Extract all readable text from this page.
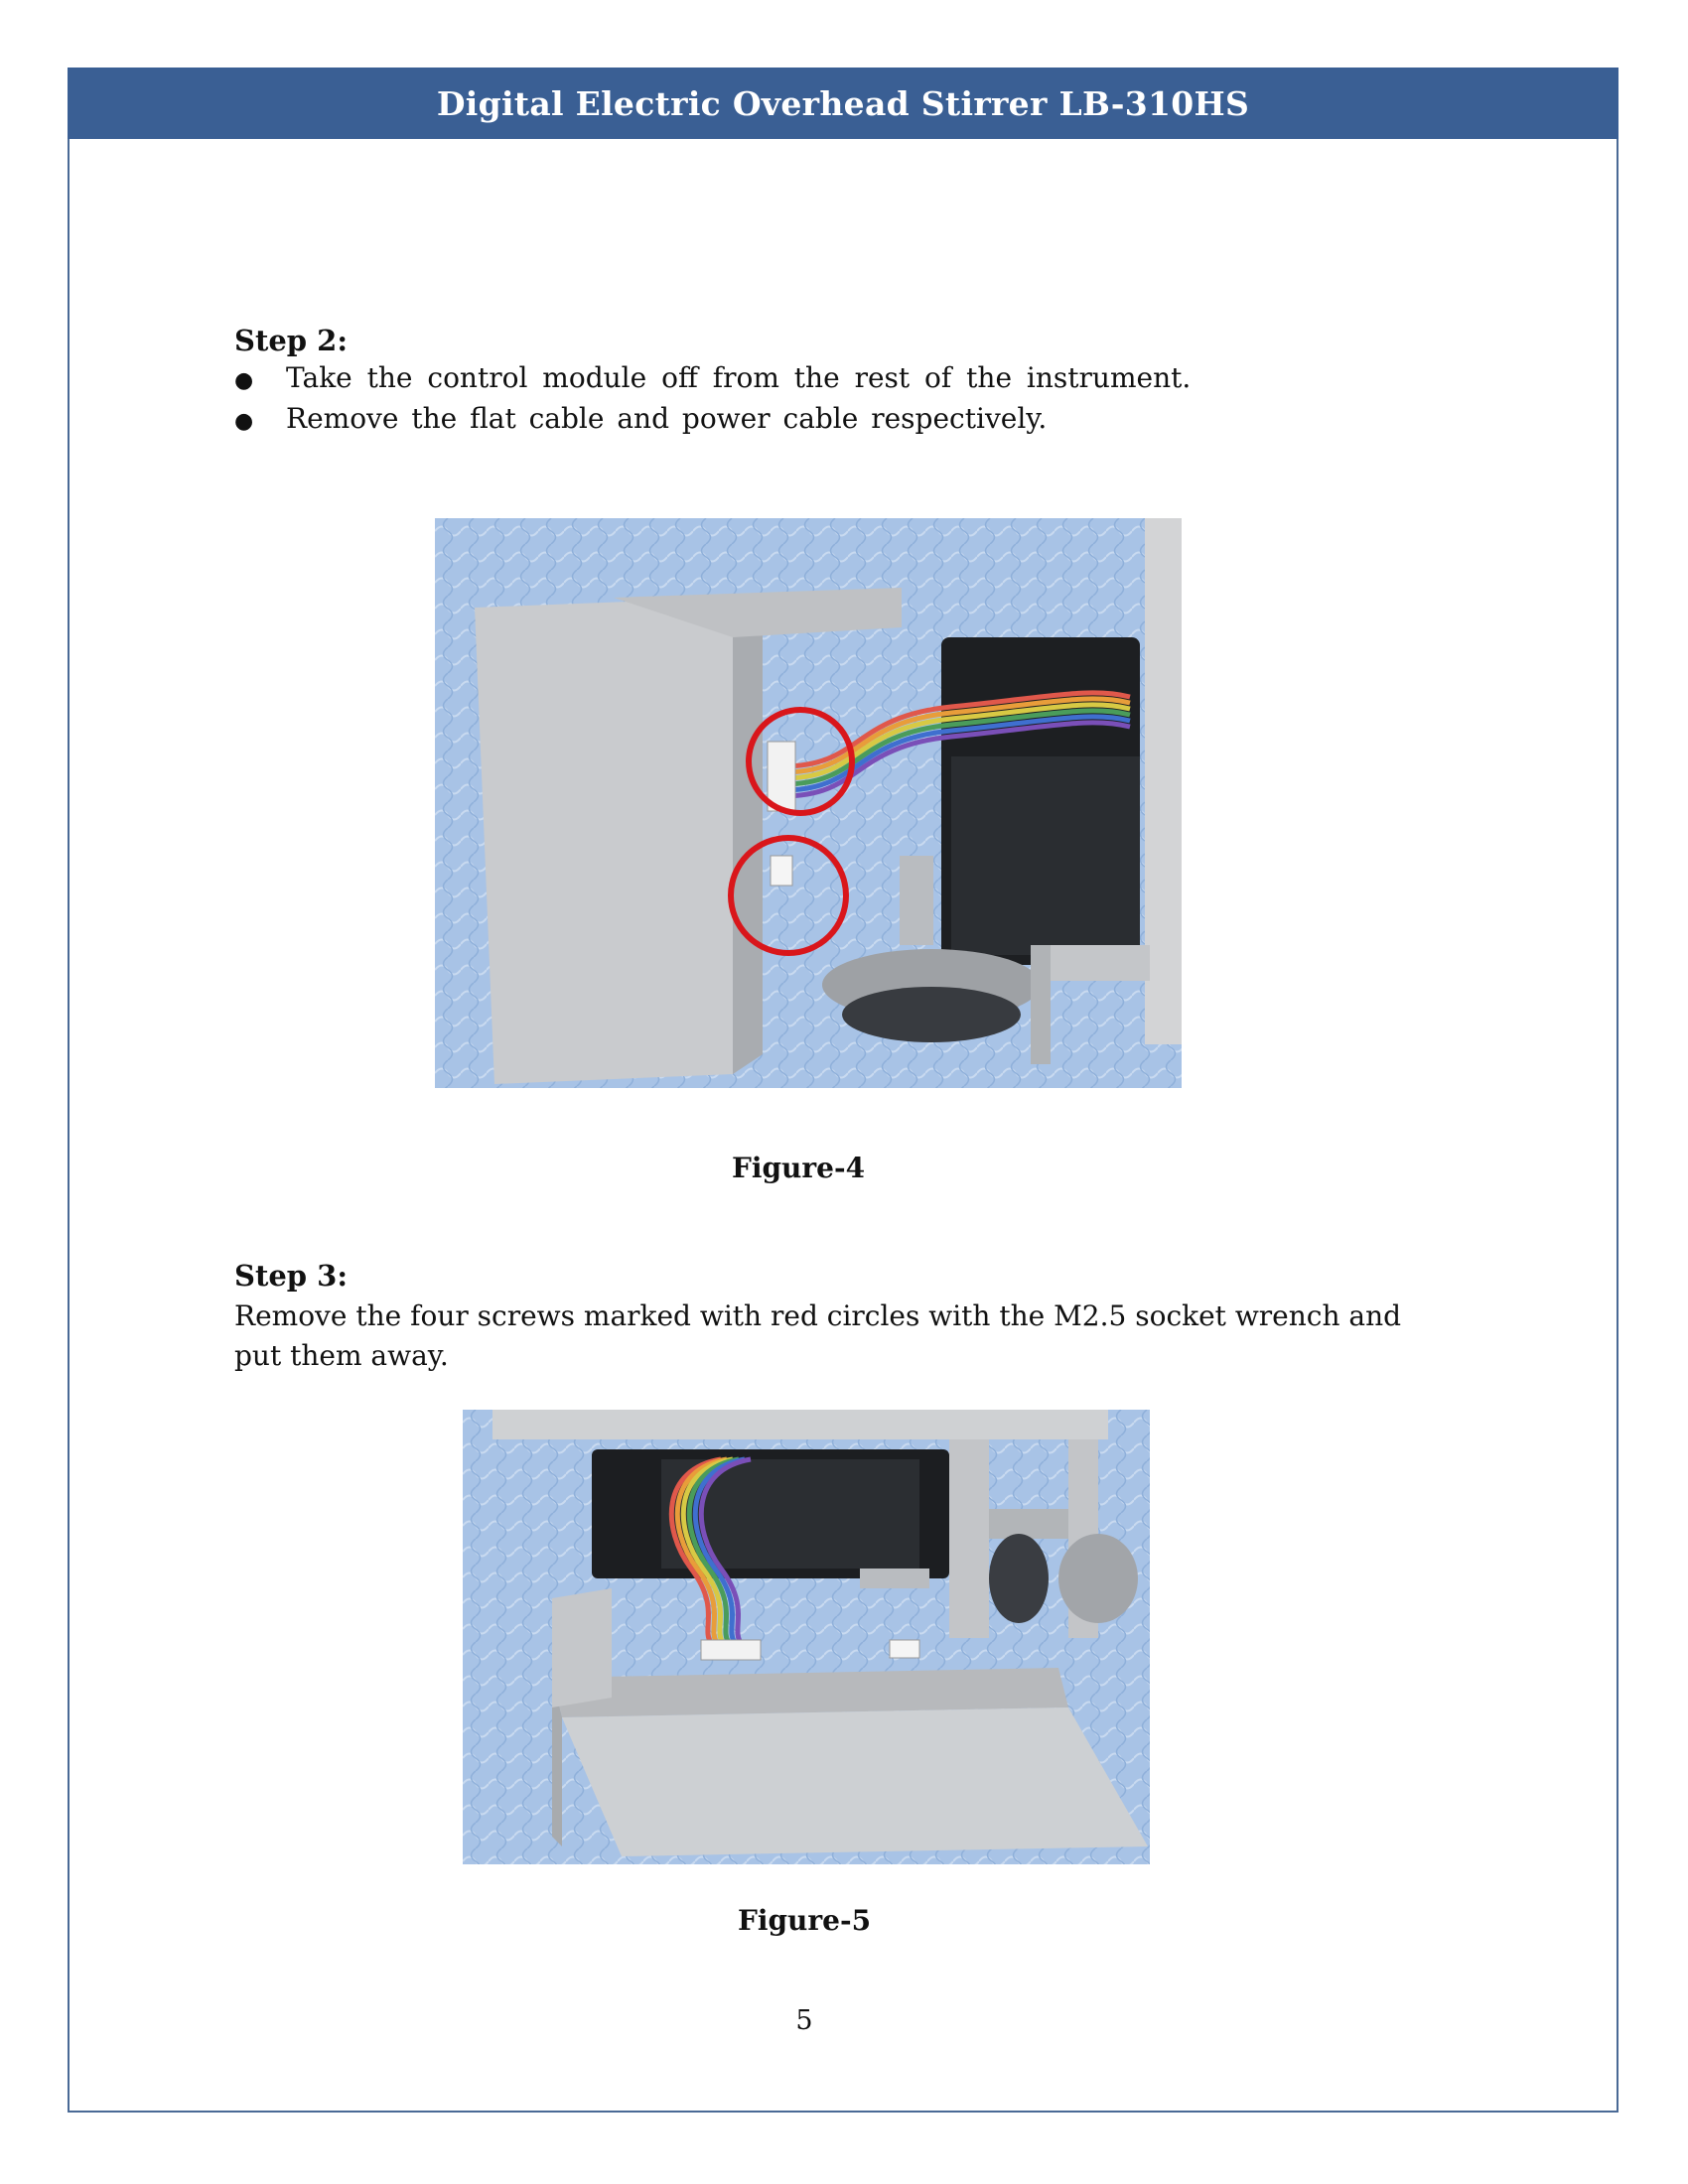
Digital Electric Overhead Stirrer LB-310HS
Step 2:
●	Take the control module off from the rest of the instrument.
●	Remove the flat cable and power cable respectively.
Figure-4
Step 3:

Remove the four screws marked with red circles with the M2.5 socket wrench and put them away.

Figure-5
5
